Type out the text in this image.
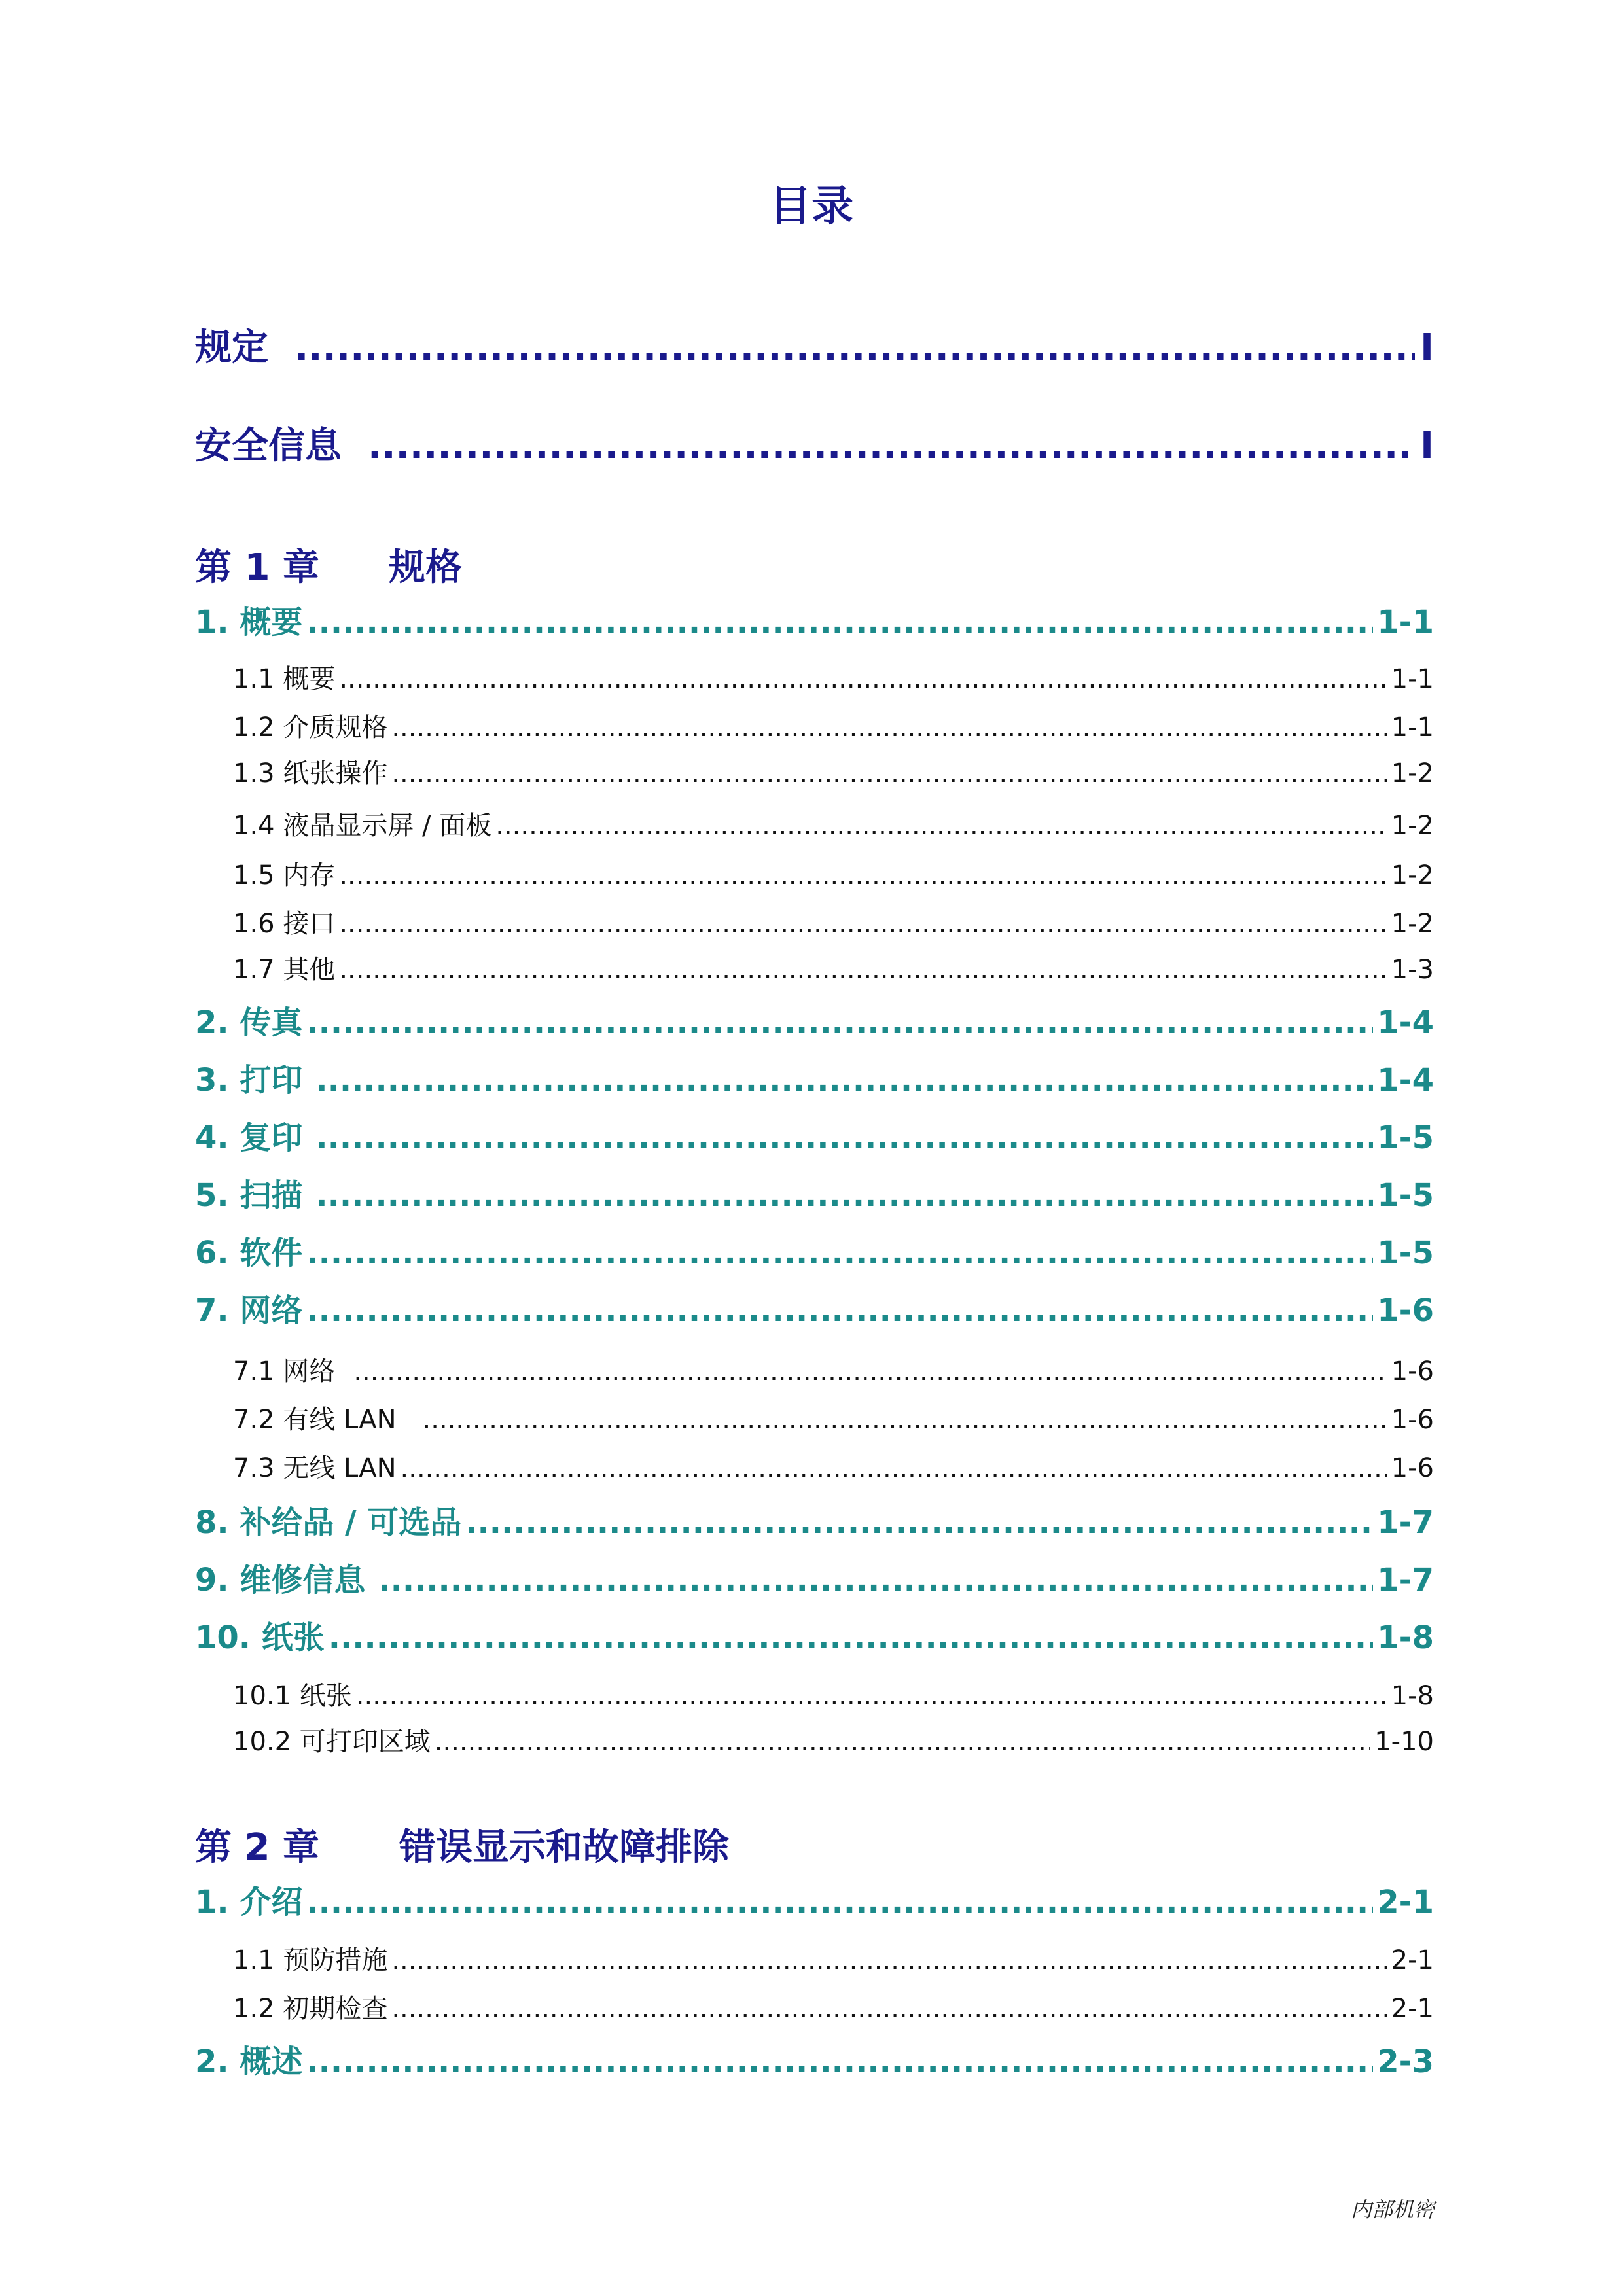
目录
规定 .....	I
安全信息 .....	I
第 1 章 规格
1. 概要 .....	1-1
1.1 概要 .....	1-1
1.2 介质规格 .....	1-1
1.3 纸张操作 .....	1-2
1.4 液晶显示屏 / 面板 .....	1-2
1.5 内存 .....	1-2
1.6 接口 .....	1-2
1.7 其他 .....	1-3
2. 传真 .....	1-4
3. 打印 .....	1-4
4. 复印 .....	1-5
5. 扫描 .....	1-5
6. 软件 .....	1-5
7. 网络 .....	1-6
7.1 网络 .....	1-6
7.2 有线 LAN .....	1-6
7.3 无线 LAN .....	1-6
8. 补给品 / 可选品 .....	1-7
9. 维修信息 .....	1-7
10. 纸张 .....	1-8
10.1 纸张 .....	1-8
10.2 可打印区域 .....	1-10
第 2 章 错误显示和故障排除
1. 介绍 .....	2-1
1.1 预防措施 .....	2-1
1.2 初期检查 .....	2-1
2. 概述 .....	2-3
内部机密
